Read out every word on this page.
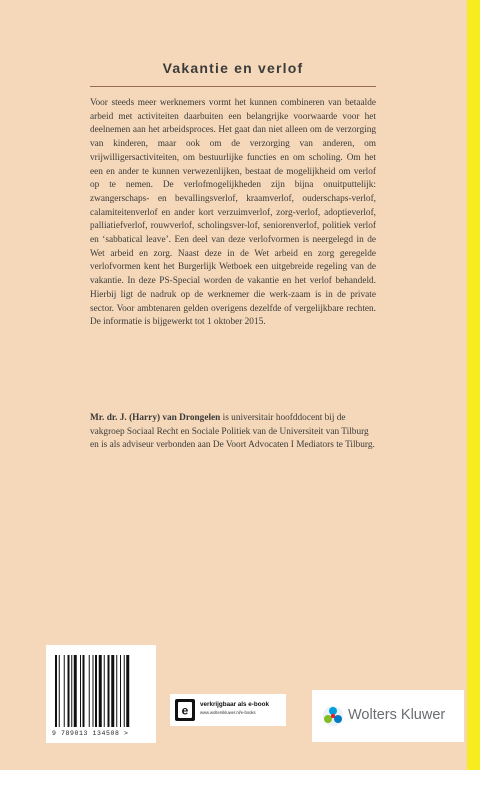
Vakantie en verlof

Voor steeds meer werknemers vormt het kunnen combineren van betaalde arbeid met activiteiten daarbuiten een belangrijke voorwaarde voor het deelnemen aan het arbeidsproces. Het gaat dan niet alleen om de verzorging van kinderen, maar ook om de verzorging van anderen, om vrijwilligersactiviteiten, om bestuurlijke functies en om scholing. Om het een en ander te kunnen verwezenlijken, bestaat de mogelijkheid om verlof op te nemen. De verlofmogelijkheden zijn bijna onuitputtelijk: zwangerschaps- en bevallingsverlof, kraamverlof, ouderschaps-verlof, calamiteitenverlof en ander kort verzuimverlof, zorg-verlof, adoptieverlof, palliatiefverlof, rouwverlof, scholingsver-lof, seniorenverlof, politiek verlof en ‘sabbatical leave’. Een deel van deze verlofvormen is neergelegd in de Wet arbeid en zorg. Naast deze in de Wet arbeid en zorg geregelde verlofvormen kent het Burgerlijk Wetboek een uitgebreide regeling van de vakantie. In deze PS-Special worden de vakantie en het verlof behandeld. Hierbij ligt de nadruk op de werknemer die werk-zaam is in de private sector. Voor ambtenaren gelden overigens dezelfde of vergelijkbare rechten. De informatie is bijgewerkt tot 1 oktober 2015.

Mr. dr. J. (Harry) van Drongelen is universitair hoofddocent bij de vakgroep Sociaal Recht en Sociale Politiek van de Universiteit van Tilburg en is als adviseur verbonden aan De Voort Advocaten I Mediators te Tilburg.

9 789013 134508 >
e verkrijgbaar als e-book
www.wolterskluwer.nl/e-books	Wolters Kluwer
